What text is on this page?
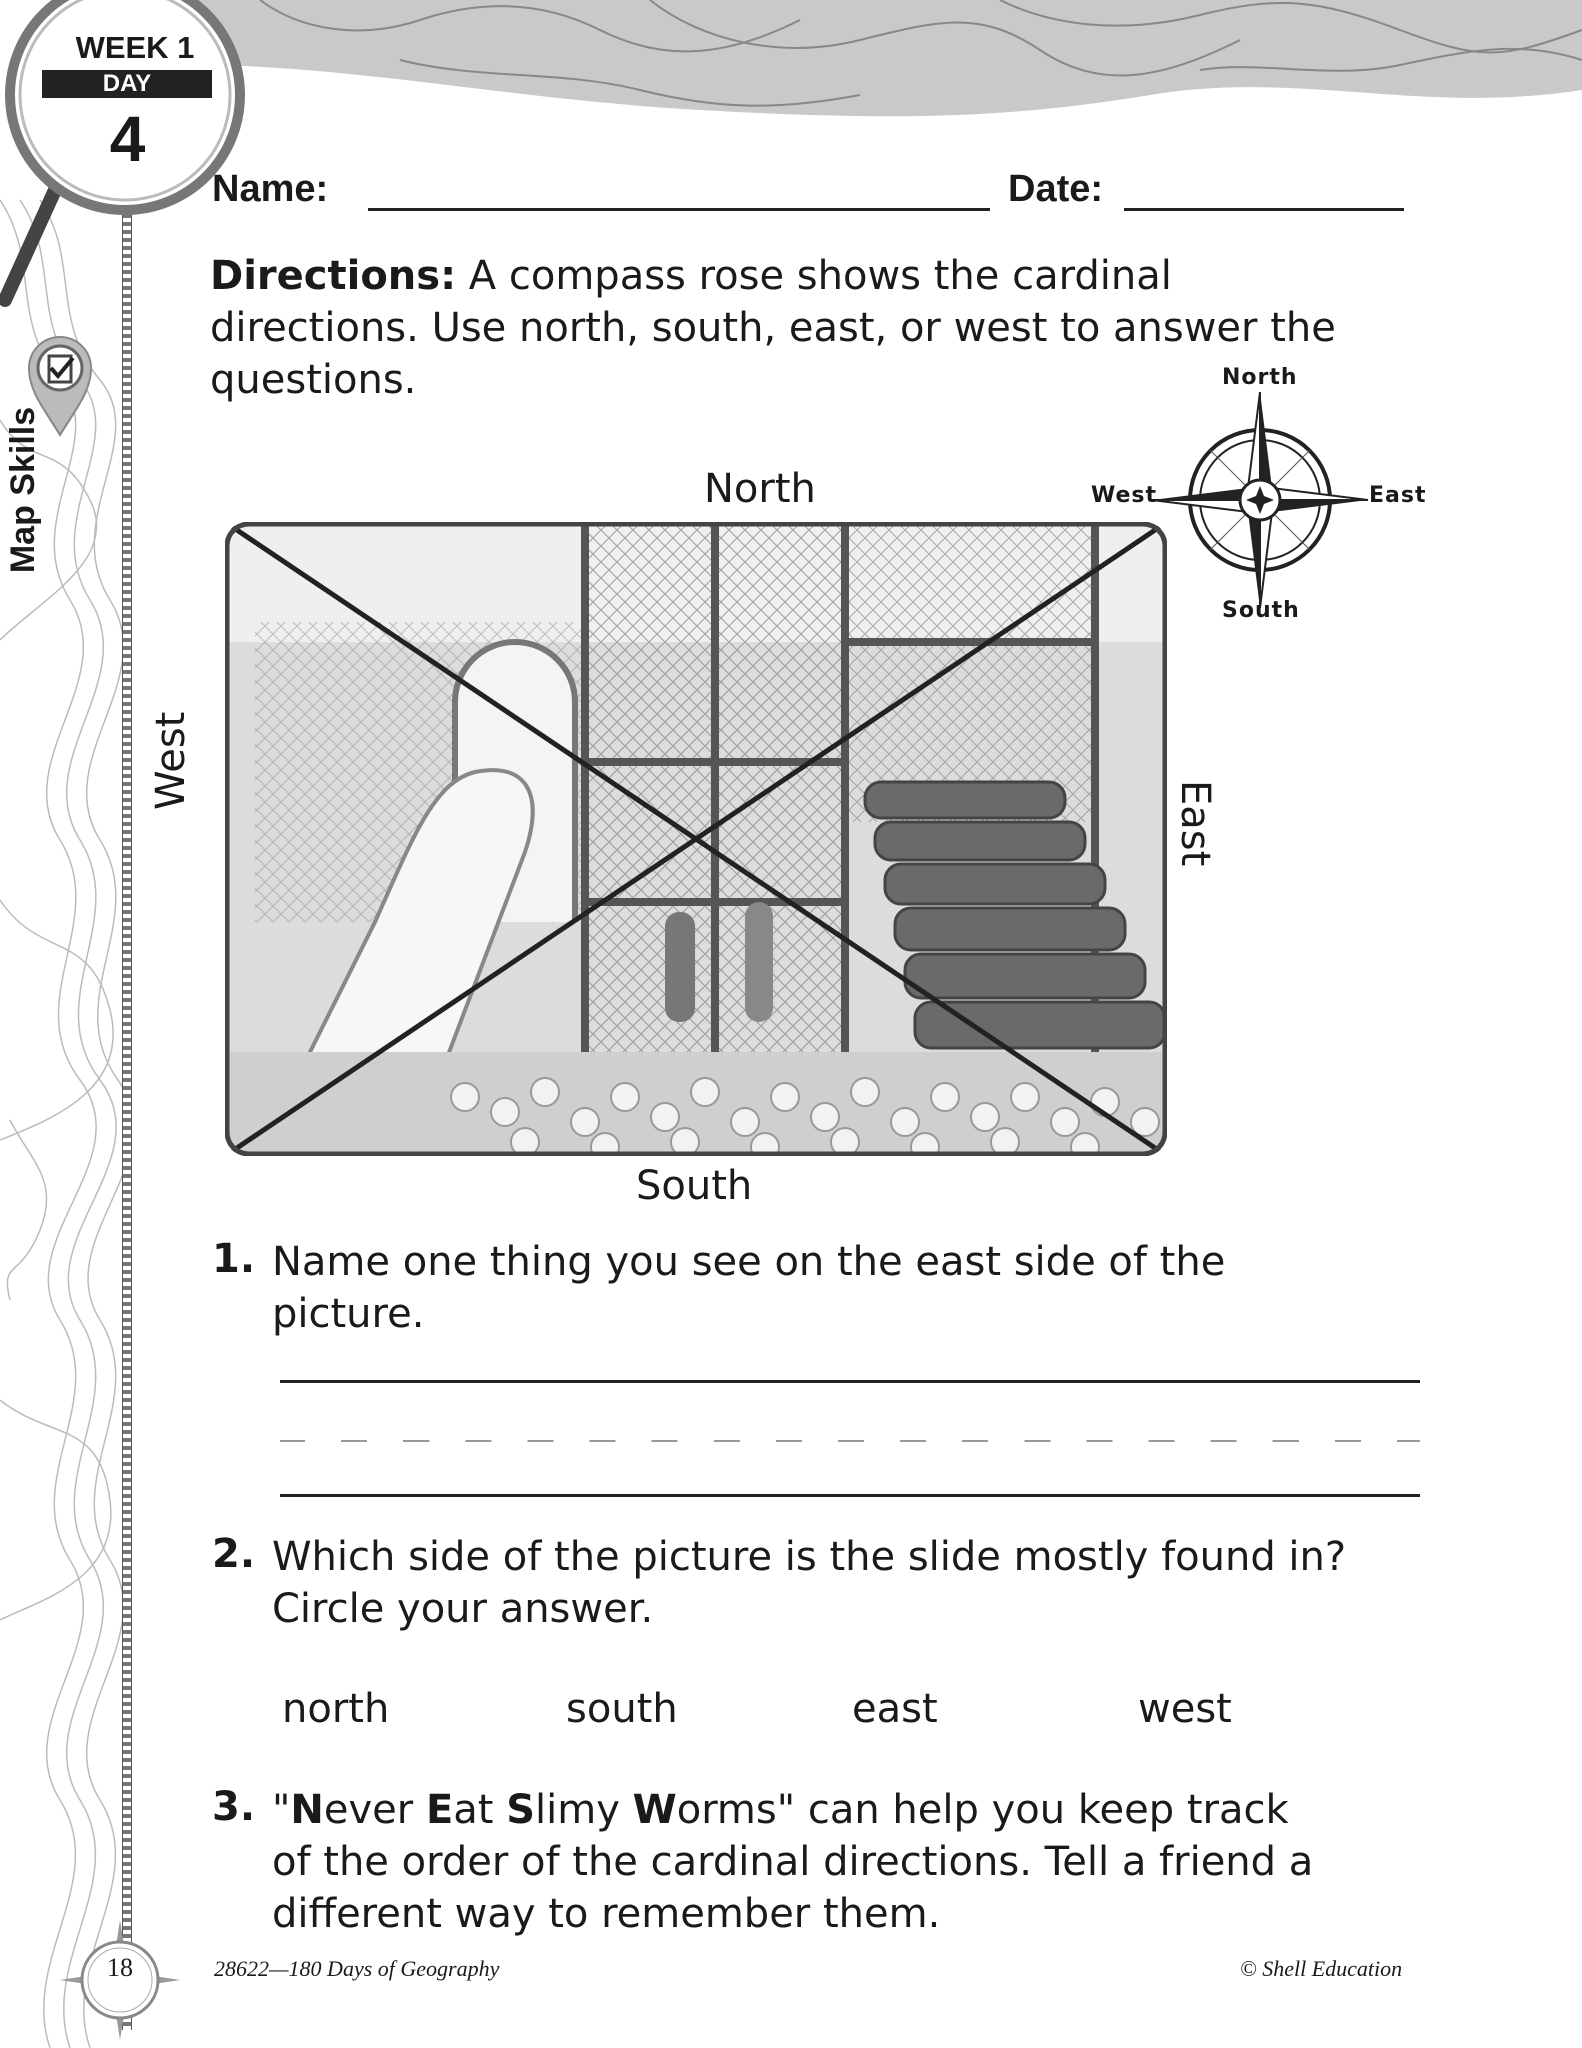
WEEK 1
DAY
4
Map Skills
Name:	Date:
Directions: A compass rose shows the cardinal
directions. Use north, south, east, or west to answer the
questions.	North
South
East
West
North
South
West
East
1. Name one thing you see on the east side of the
picture.
2. Which side of the picture is the slide mostly found in?
Circle your answer.
north	south	east	west
3. "Never Eat Slimy Worms" can help you keep track
of the order of the cardinal directions. Tell a friend a
different way to remember them.
18	28622—180 Days of Geography	© Shell Education
